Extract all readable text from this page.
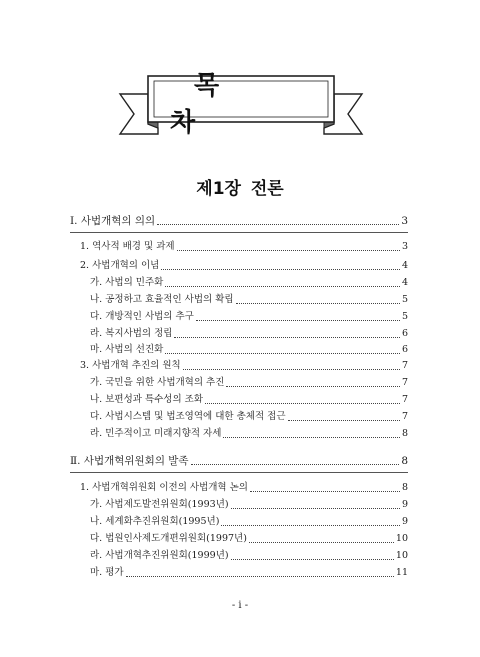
목 차
제1장 전론
Ⅰ. 사법개혁의 의의	3
1. 역사적 배경 및 과제	3
2. 사법개혁의 이념	4
가. 사법의 민주화	4
나. 공정하고 효율적인 사법의 확립	5
다. 개방적인 사법의 추구	5
라. 복지사법의 정립	6
마. 사법의 선진화	6
3. 사법개혁 추진의 원칙	7
가. 국민을 위한 사법개혁의 추진	7
나. 보편성과 특수성의 조화	7
다. 사법시스템 및 법조영역에 대한 총체적 접근	7
라. 민주적이고 미래지향적 자세	8
Ⅱ. 사법개혁위원회의 발족	8
1. 사법개혁위원회 이전의 사법개혁 논의	8
가. 사법제도발전위원회(1993년)	9
나. 세계화추진위원회(1995년)	9
다. 법원인사제도개편위원회(1997년)	10
라. 사법개혁추진위원회(1999년)	10
마. 평가	11
- i -
